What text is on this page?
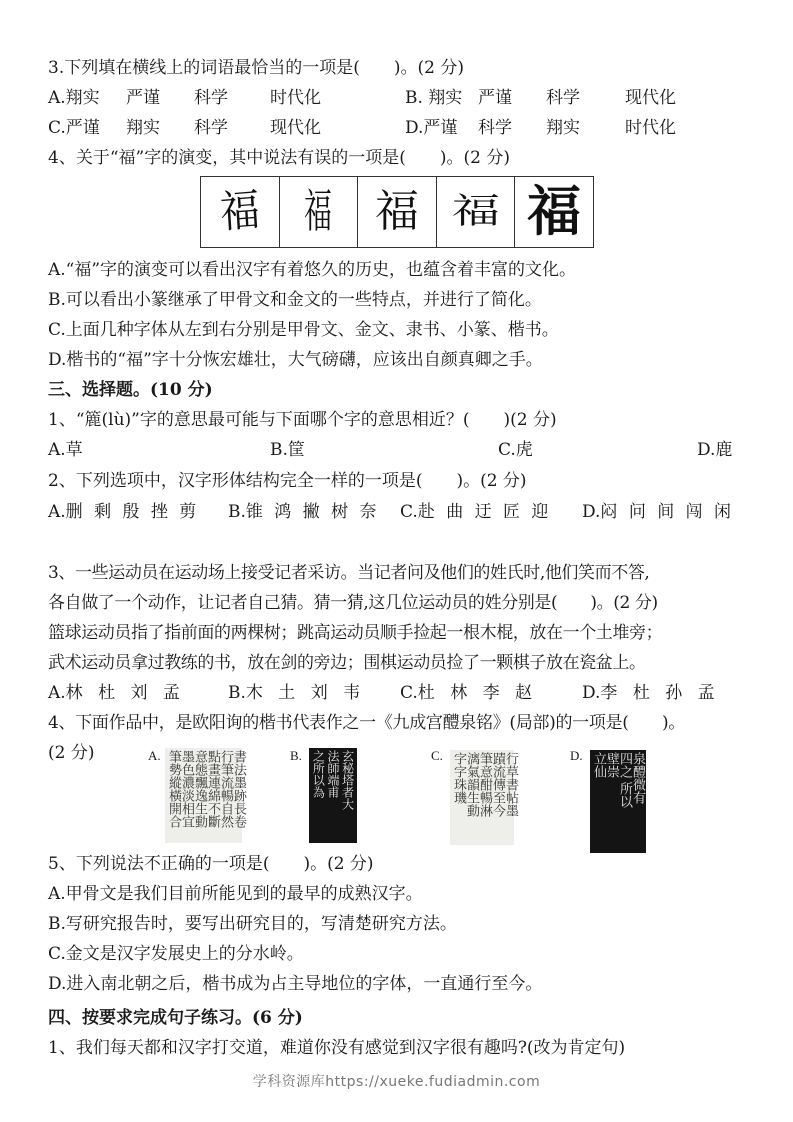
3.下列填在横线上的词语最恰当的一项是(　　)。(2 分)
A.翔实 严谨 科学 时代化	B. 翔实 严谨 科学	现代化
C.严谨 翔实 科学 现代化	D.严谨 科学 翔实	时代化
4、关于“福”字的演变，其中说法有误的一项是(　　)。(2 分)
福 福 福 福 福
A.“福”字的演变可以看出汉字有着悠久的历史，也蕴含着丰富的文化。
B.可以看出小篆继承了甲骨文和金文的一些特点，并进行了简化。
C.上面几种字体从左到右分别是甲骨文、金文、隶书、小篆、楷书。
D.楷书的“福”字十分恢宏雄壮，大气磅礴，应该出自颜真卿之手。
三、选择题。(10 分)
1、“簏(lù)”字的意思最可能与下面哪个字的意思相近？(　　)(2 分)
A.草	B.筐	C.虎	D.鹿
2、下列选项中，汉字形体结构完全一样的一项是(　　)。(2 分)
A.删 剩 殷 挫 剪 B.锥 鸿 撇 树 奈 C.赴 曲 迂 匠 迎 D.闷 问 间 闯 闲
3、一些运动员在运动场上接受记者采访。当记者问及他们的姓氏时,他们笑而不答,
各自做了一个动作，让记者自己猜。猜一猜,这几位运动员的姓分别是(　　)。(2 分)
篮球运动员指了指前面的两棵树；跳高运动员顺手捡起一根木棍，放在一个土堆旁；
武术运动员拿过教练的书，放在剑的旁边；围棋运动员捡了一颗棋子放在瓷盆上。
A.林 杜 刘 孟	B.木 土 刘 韦 C.杜 林 李 赵	D.李 杜 孙 孟
4、下面作品中，是欧阳询的楷书代表作之一《九成宫醴泉铭》(局部)的一项是(　　)。
(2 分)	A.	書法墨跡長卷
行筆流暢自然
點畫連綿不斷
意態飄逸生動
墨色濃淡相宜
筆勢縱橫開合	B.	玄秘塔者大
法師端甫
之所以為	C.	行草書帖墨
蹟流傳至今
筆意酣暢淋
漓氣韻生動
字字珠璣	D.	泉醴微有
四之 所以
壁崇
立仙
5、下列说法不正确的一项是(　　)。(2 分)
A.甲骨文是我们目前所能见到的最早的成熟汉字。
B.写研究报告时，要写出研究目的，写清楚研究方法。
C.金文是汉字发展史上的分水岭。
D.进入南北朝之后，楷书成为占主导地位的字体，一直通行至今。
四、按要求完成句子练习。(6 分)
1、我们每天都和汉字打交道，难道你没有感觉到汉字很有趣吗?(改为肯定句)
学科资源库https://xueke.fudiadmin.com
